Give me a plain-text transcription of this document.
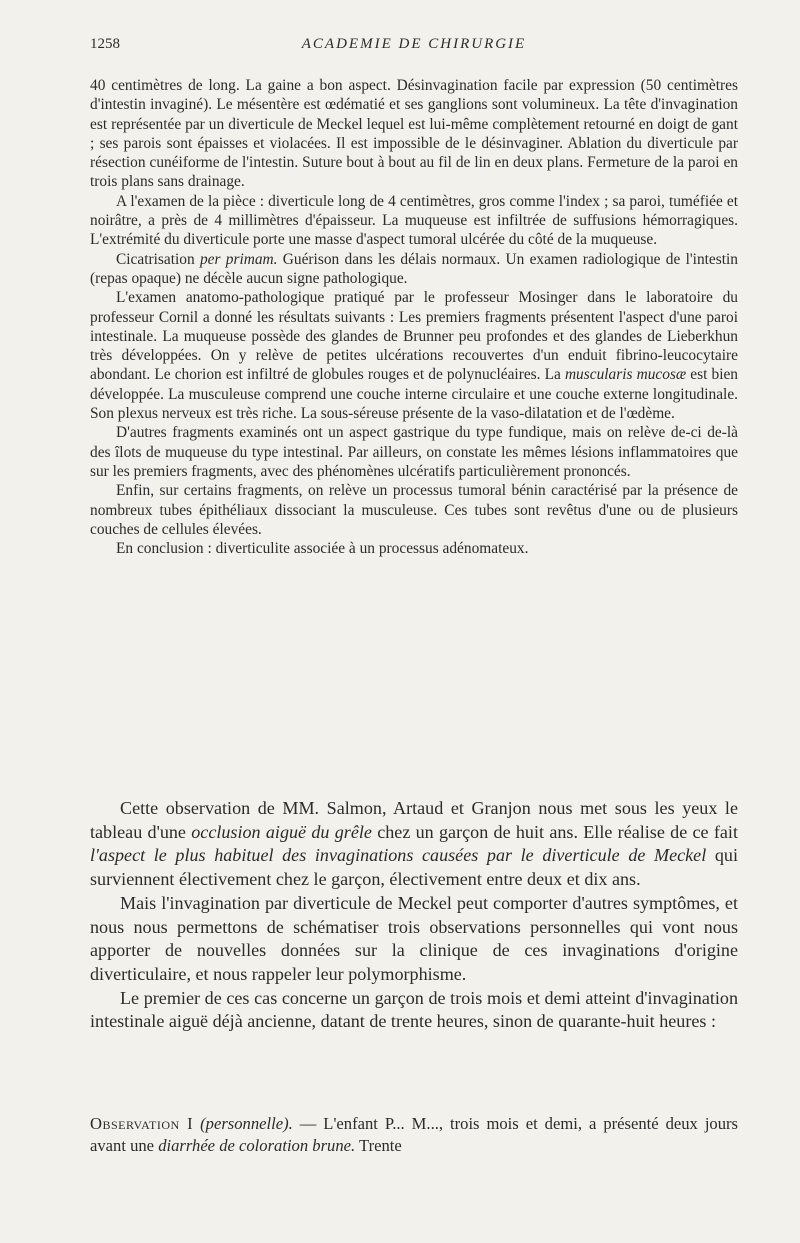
1258	ACADEMIE DE CHIRURGIE

40 centimètres de long. La gaine a bon aspect. Désinvagination facile par expression (50 centimètres d'intestin invaginé). Le mésentère est œdématié et ses ganglions sont volumineux. La tête d'invagination est représentée par un diverticule de Meckel lequel est lui-même complètement retourné en doigt de gant ; ses parois sont épaisses et violacées. Il est impossible de le désinvaginer. Ablation du diverticule par résection cunéiforme de l'intestin. Suture bout à bout au fil de lin en deux plans. Fermeture de la paroi en trois plans sans drainage.

A l'examen de la pièce : diverticule long de 4 centimètres, gros comme l'index ; sa paroi, tuméfiée et noirâtre, a près de 4 millimètres d'épaisseur. La muqueuse est infiltrée de suffusions hémorragiques. L'extrémité du diverticule porte une masse d'aspect tumoral ulcérée du côté de la muqueuse.

Cicatrisation per primam. Guérison dans les délais normaux. Un examen radiologique de l'intestin (repas opaque) ne décèle aucun signe pathologique.

L'examen anatomo-pathologique pratiqué par le professeur Mosinger dans le laboratoire du professeur Cornil a donné les résultats suivants : Les premiers fragments présentent l'aspect d'une paroi intestinale. La muqueuse possède des glandes de Brunner peu profondes et des glandes de Lieberkhun très développées. On y relève de petites ulcérations recouvertes d'un enduit fibrino-leucocytaire abondant. Le chorion est infiltré de globules rouges et de polynucléaires. La muscularis mucosæ est bien développée. La musculeuse comprend une couche interne circulaire et une couche externe longitudinale. Son plexus nerveux est très riche. La sous-séreuse présente de la vaso-dilatation et de l'œdème.

D'autres fragments examinés ont un aspect gastrique du type fundique, mais on relève de-ci de-là des îlots de muqueuse du type intestinal. Par ailleurs, on constate les mêmes lésions inflammatoires que sur les premiers fragments, avec des phénomènes ulcératifs particulièrement prononcés.

Enfin, sur certains fragments, on relève un processus tumoral bénin caractérisé par la présence de nombreux tubes épithéliaux dissociant la musculeuse. Ces tubes sont revêtus d'une ou de plusieurs couches de cellules élevées.

En conclusion : diverticulite associée à un processus adénomateux.

Cette observation de MM. Salmon, Artaud et Granjon nous met sous les yeux le tableau d'une occlusion aiguë du grêle chez un garçon de huit ans. Elle réalise de ce fait l'aspect le plus habituel des invaginations causées par le diverticule de Meckel qui surviennent électivement chez le garçon, électivement entre deux et dix ans.

Mais l'invagination par diverticule de Meckel peut comporter d'autres symptômes, et nous nous permettons de schématiser trois observations personnelles qui vont nous apporter de nouvelles données sur la clinique de ces invaginations d'origine diverticulaire, et nous rappeler leur polymorphisme.

Le premier de ces cas concerne un garçon de trois mois et demi atteint d'invagination intestinale aiguë déjà ancienne, datant de trente heures, sinon de quarante-huit heures :

Observation I (personnelle). — L'enfant P... M..., trois mois et demi, a présenté deux jours avant une diarrhée de coloration brune. Trente
